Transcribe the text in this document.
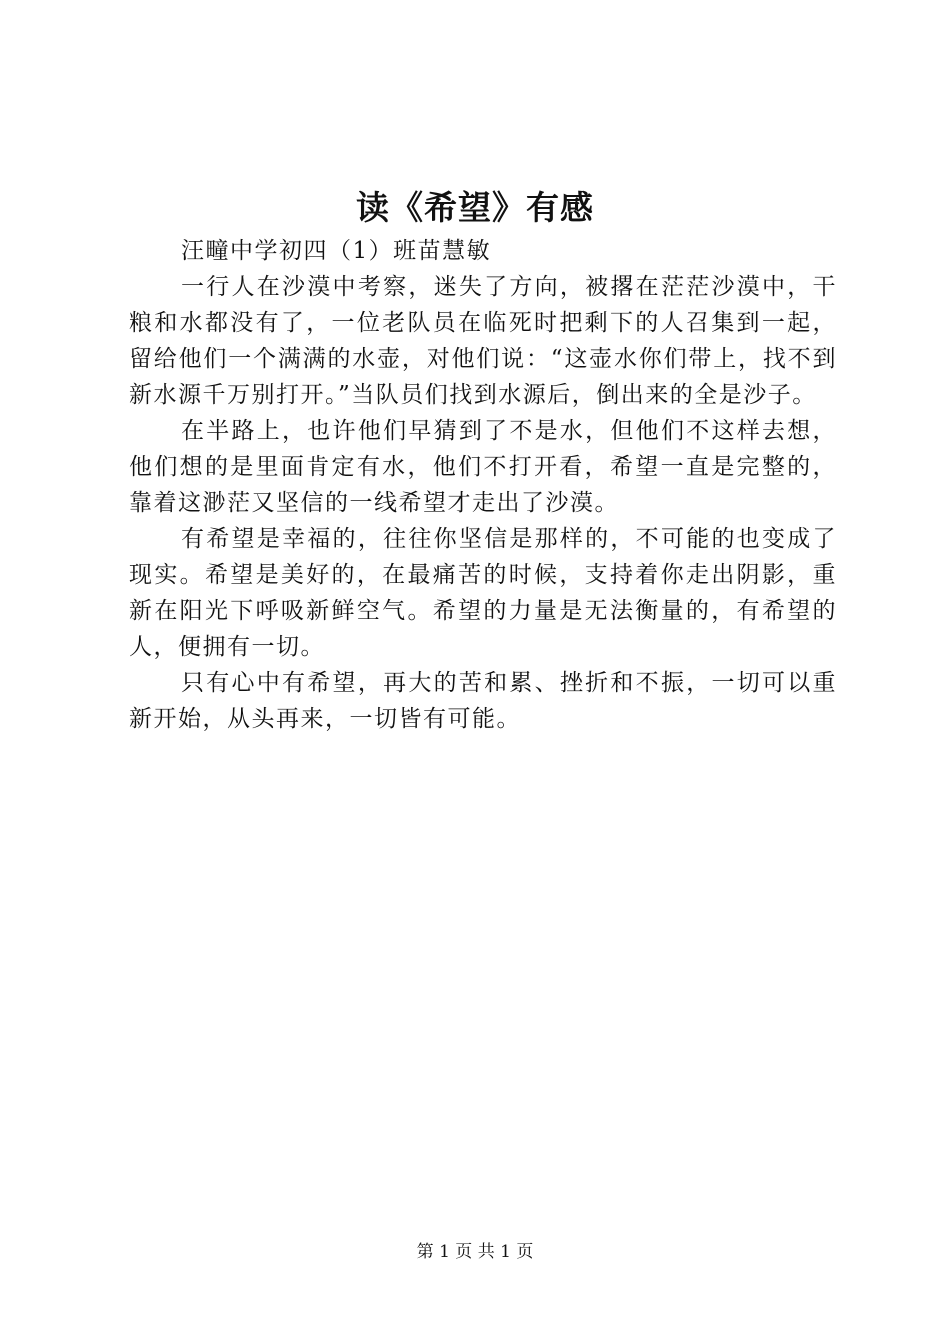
读《希望》有感

汪疃中学初四（1）班苗慧敏

一行人在沙漠中考察，迷失了方向，被撂在茫茫沙漠中，干粮和水都没有了，一位老队员在临死时把剩下的人召集到一起，留给他们一个满满的水壶，对他们说：“这壶水你们带上，找不到新水源千万别打开。”当队员们找到水源后，倒出来的全是沙子。

在半路上，也许他们早猜到了不是水，但他们不这样去想，他们想的是里面肯定有水，他们不打开看，希望一直是完整的，靠着这渺茫又坚信的一线希望才走出了沙漠。

有希望是幸福的，往往你坚信是那样的，不可能的也变成了现实。希望是美好的，在最痛苦的时候，支持着你走出阴影，重新在阳光下呼吸新鲜空气。希望的力量是无法衡量的，有希望的人，便拥有一切。

只有心中有希望，再大的苦和累、挫折和不振，一切可以重新开始，从头再来，一切皆有可能。

第 1 页 共 1 页
